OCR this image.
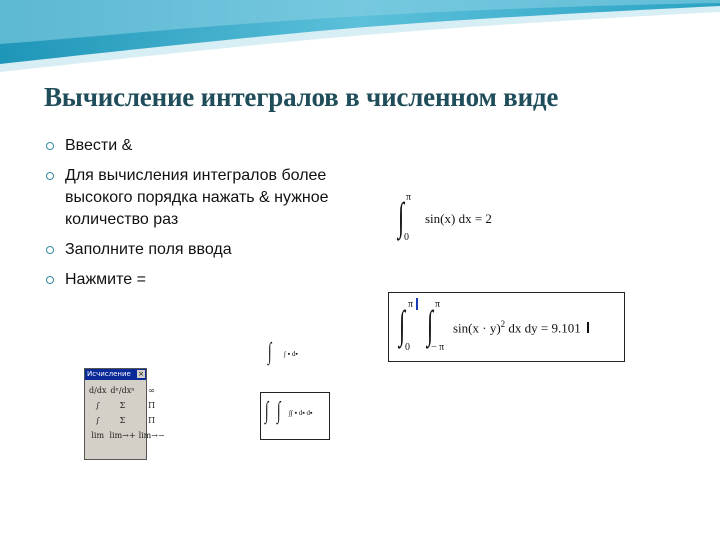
Вычисление интегралов в численном виде
Ввести &
Для вычисления интегралов более высокого порядка нажать & нужное количество раз
Заполните поля ввода
Нажмите =
∫ π
0
sin(x) dx = 2
∫ π
0
∫ π
− π
$\sin(x \cdot y)^2$ dx dy = 9.101
∫ ∫ ▪ d▪
∫ ∫ ∫∫ ▪ d▪ d▪
Исчисление ×
d/dx dⁿ/dxⁿ	∞
∫	Σ	Π
∫	Σ	Π
lim lim→+ lim→−
